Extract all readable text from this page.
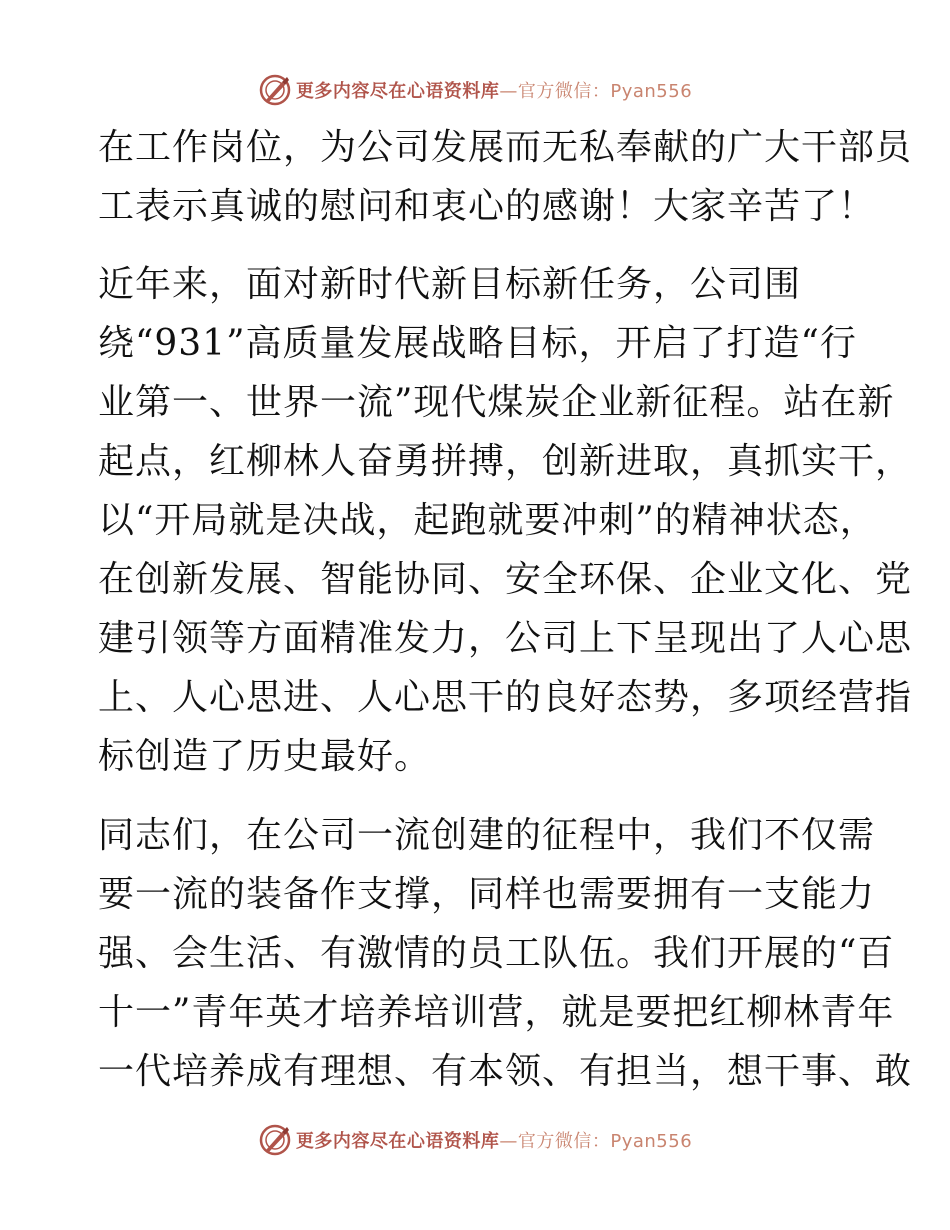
更多内容尽在心语资料库—官方微信：Pyan556
在工作岗位，为公司发展而无私奉献的广大干部员
工表示真诚的慰问和衷心的感谢！大家辛苦了！
近年来，面对新时代新目标新任务，公司围
绕“931”高质量发展战略目标，开启了打造“行
业第一、世界一流”现代煤炭企业新征程。站在新
起点，红柳林人奋勇拼搏，创新进取，真抓实干，
以“开局就是决战，起跑就要冲刺”的精神状态，
在创新发展、智能协同、安全环保、企业文化、党
建引领等方面精准发力，公司上下呈现出了人心思
上、人心思进、人心思干的良好态势，多项经营指
标创造了历史最好。
同志们，在公司一流创建的征程中，我们不仅需
要一流的装备作支撑，同样也需要拥有一支能力
强、会生活、有激情的员工队伍。我们开展的“百
十一”青年英才培养培训营，就是要把红柳林青年
一代培养成有理想、有本领、有担当，想干事、敢
更多内容尽在心语资料库—官方微信：Pyan556
